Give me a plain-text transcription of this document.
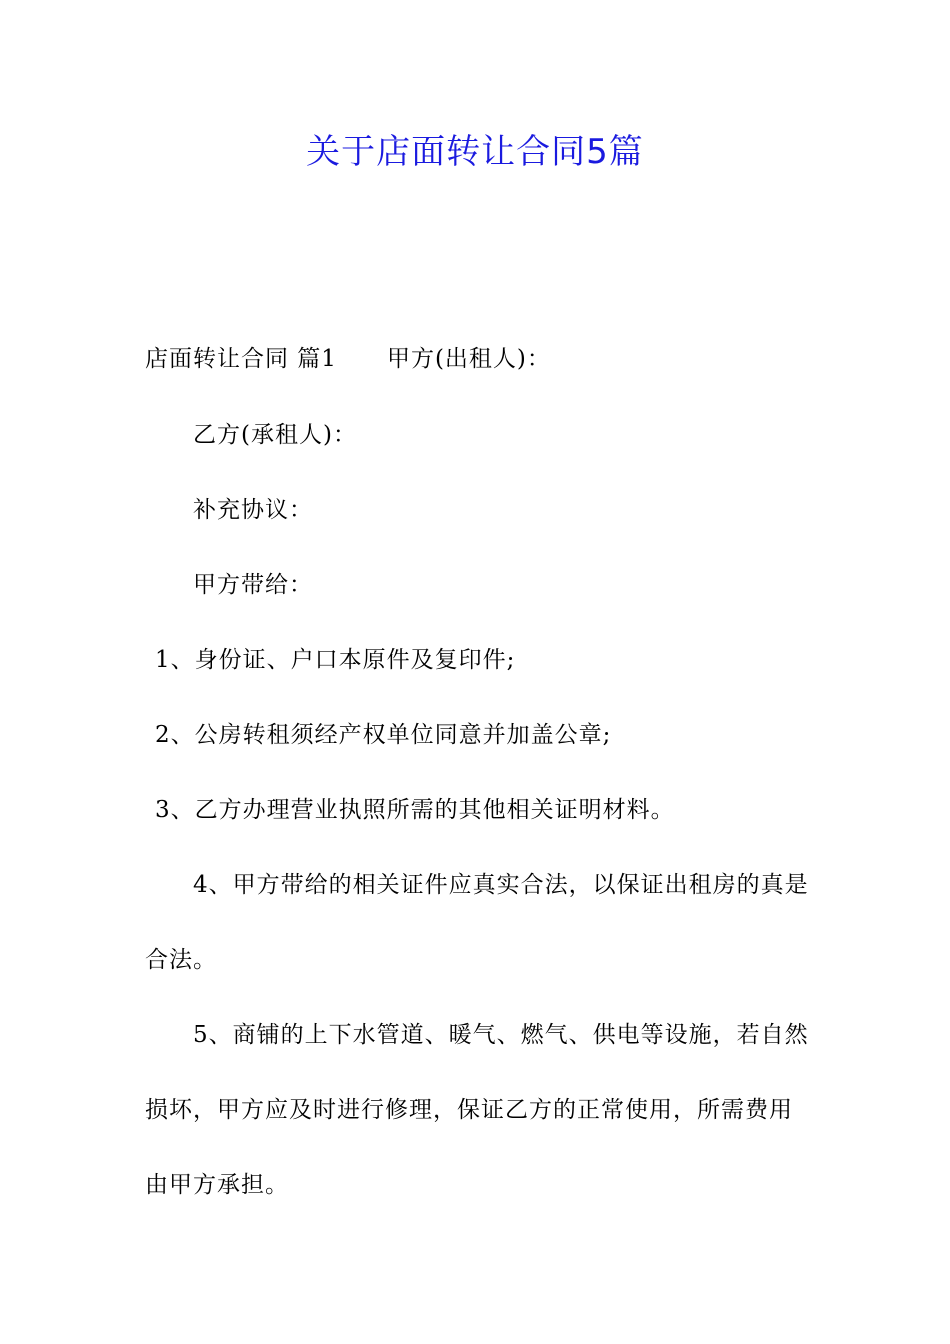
关于店面转让合同5篇
店面转让合同 篇1 甲方(出租人)：
乙方(承租人)：
补充协议：
甲方带给：
1、身份证、户口本原件及复印件;
2、公房转租须经产权单位同意并加盖公章;
3、乙方办理营业执照所需的其他相关证明材料。
4、甲方带给的相关证件应真实合法，以保证出租房的真是
合法。
5、商铺的上下水管道、暖气、燃气、供电等设施，若自然
损坏，甲方应及时进行修理，保证乙方的正常使用，所需费用
由甲方承担。
